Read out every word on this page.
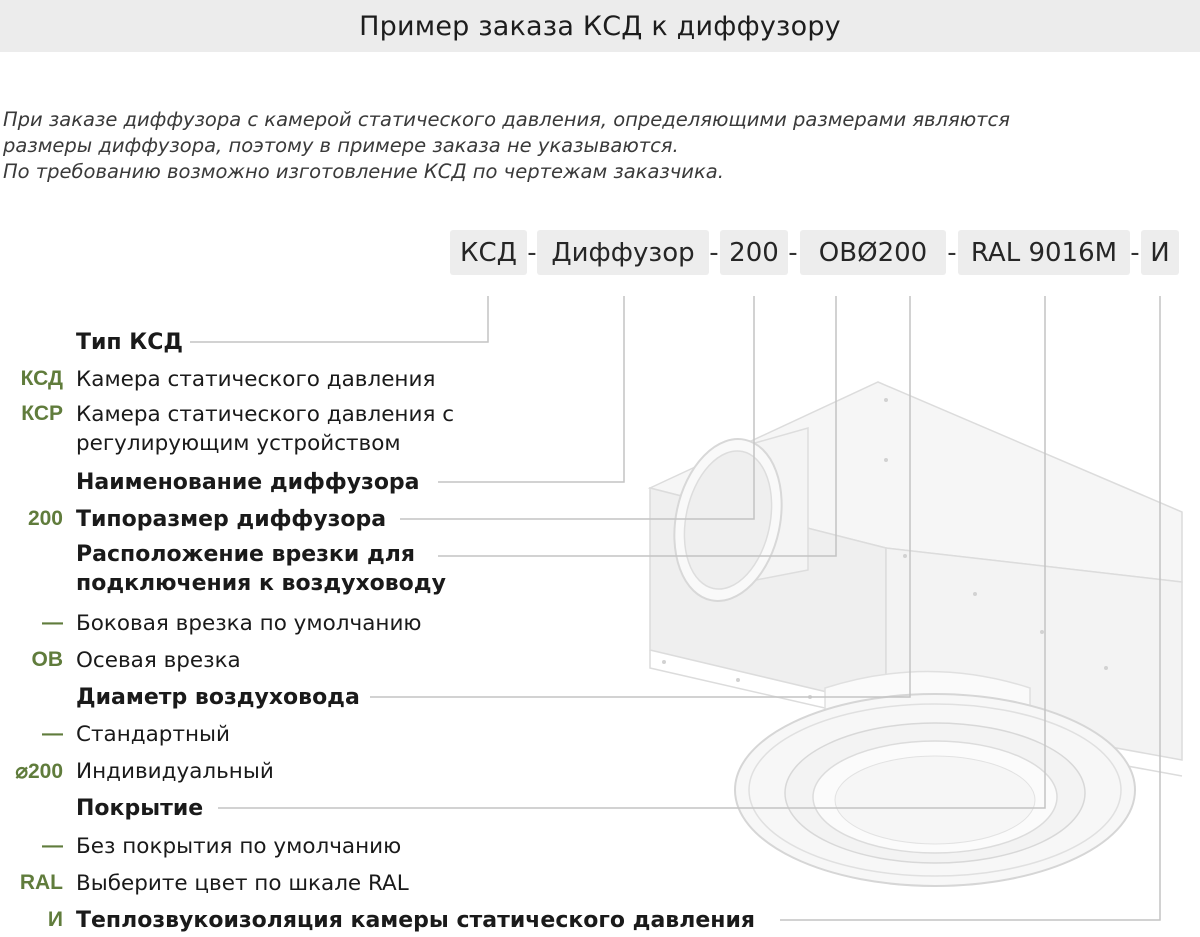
Пример заказа КСД к диффузору
При заказе диффузора с камерой статического давления, определяющими размерами являются
размеры диффузора, поэтому в примере заказа не указываются.
По требованию возможно изготовление КСД по чертежам заказчика.
КСД - Диффузор - 200 - ОВØ200 - RAL 9016M - И
Тип КСД
КСД Камера статического давления
КСР Камера статического давления с регулирующим устройством
Наименование диффузора
200 Типоразмер диффузора
Расположение врезки для подключения к воздуховоду
— Боковая врезка по умолчанию
ОВ Осевая врезка
Диаметр воздуховода
— Стандартный
⌀200 Индивидуальный
Покрытие
— Без покрытия по умолчанию
RAL Выберите цвет по шкале RAL
И Теплозвукоизоляция камеры статического давления
